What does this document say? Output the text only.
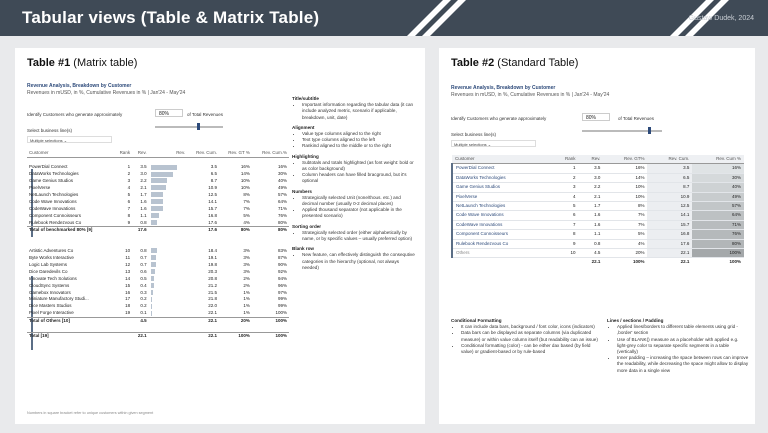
Tabular views (Table & Matrix Table)	Gustaw Dudek, 2024
Table #1 (Matrix table)
Revenue Analysis, Breakdown by Customer
Revenues in mUSD, in %, Cumulative Revenues in % | Jan'24 - May'24
Identify Customers who generate approximately	80%	of Total Revenues
Select business line(s)
Multiple selections ⌄
Customer	Rank	Rev.	Rev.	Rev. Cum.	Rev. GT %	Rev. Cum.%

PowerDial Connect	1	3.5		3.5	16%	16%
DataWorks Technologies	2	3.0		6.5	14%	30%
Game Genius Studios	3	2.2		8.7	10%	40%
PixelVerse	4	2.1		10.9	10%	49%
NetLaunch Technologies	5	1.7		12.5	8%	57%
Code Wave Innovations	6	1.6		14.1	7%	64%
CodeWave Innovations	7	1.6		15.7	7%	71%
Component Connoisseurs	8	1.1		16.8	5%	76%
Rulebook Rendezvous Co	9	0.8		17.6	4%	80%
Total of benchmarked 80% [9]		17.6		17.6	80%	80%

Artistic Adventures Co	10	0.8		18.4	3%	83%
Byte Works Interactive	11	0.7		19.1	3%	87%
Logic Lab Systems	12	0.7		19.8	3%	90%
Dice Daredevils Co	13	0.6		20.3	3%	92%
Innovate Tech Solutions	14	0.5		20.8	2%	94%
CloudSync Systems	15	0.4		21.2	2%	96%
Gamebox Innovators	16	0.3		21.5	1%	97%
Miniature Manufactory Studi...	17	0.2		21.8	1%	99%
Dice Masters Studios	18	0.2		22.0	1%	99%
Pixel Forge Interactive	19	0.1		22.1	1%	100%
Total of Others [10]		4.5		22.1	20%	100%

Total [19]		22.1		22.1	100%	100%
Numbers in square bracket refer to unique customers within given segment
Title/subtitle
• Important information regarding the tabular data (it can include analyzed metric, scenario if applicable, breakdown, unit, date)
Alignment
• Value type columns aligned to the right
• Text type columns aligned to the left
• Rankind aligned to the middle or to the right
Highlighting
• Subtotals and totals highlighted (as font weight: bold or as color background)
• Column headers can have filled bracground, but it's optional
Numbers
• Strategically selected Unit (none/thous. etc.) and decimal number (usually 0-2 decimal places)
• Applied thousand separator (not applicable in the presented scenario)
Sorting order
• Strategically selected order (either alphabetically by name, or by specific values – usually preferred option)
Blank row
• New feature, can effectively distinguish the consequtive categories in the hierarchy (optional, not always needed)
Table #2 (Standard Table)
Revenue Analysis, Breakdown by Customer
Revenues in mUSD, in %, Cumulative Revenues in % | Jan'24 - May'24
Identify Customers who generate approximately	80%	of Total Revenues
Select business line(s)
Multiple selections ⌄
Customer	Rank	Rev.	Rev. GT%	Rev. Cum.	Rev. Cum %
PowerDial Connect	1	3.5	16%	3.5	16%
DataWorks Technologies	2	3.0	14%	6.5	30%
Game Genius Studios	3	2.2	10%	8.7	40%
PixelVerse	4	2.1	10%	10.9	49%
NetLaunch Technologies	5	1.7	8%	12.5	57%
Code Wave Innovations	6	1.6	7%	14.1	64%
CodeWave Innovations	7	1.6	7%	15.7	71%
Component Connoisseurs	8	1.1	5%	16.8	76%
Rulebook Rendezvous Co	9	0.8	4%	17.6	80%
Others	10	4.5	20%	22.1	100%
		22.1	100%	22.1	100%
Conditional Formatting
• It can include data bars, background / font color, icons (indicators)
• Data bars can be displayed as separate columns (via duplicated measure) or within value column itself (but readability can an issue)
• Conditional formatting (color) - can be either dax based (by field value) or gradient-based or by rule-based
Lines / sections / Padding
• Applied lines/borders to different table elements using grid - ,border' section
• Use of BLANK() measure as a placeholder with applied e.g. light-grey color to separate specific segments in a table (vertically)
• Inner padding – increasing the space between rows can improve the readability, while decreasing the space might allow to display more data in a single view
